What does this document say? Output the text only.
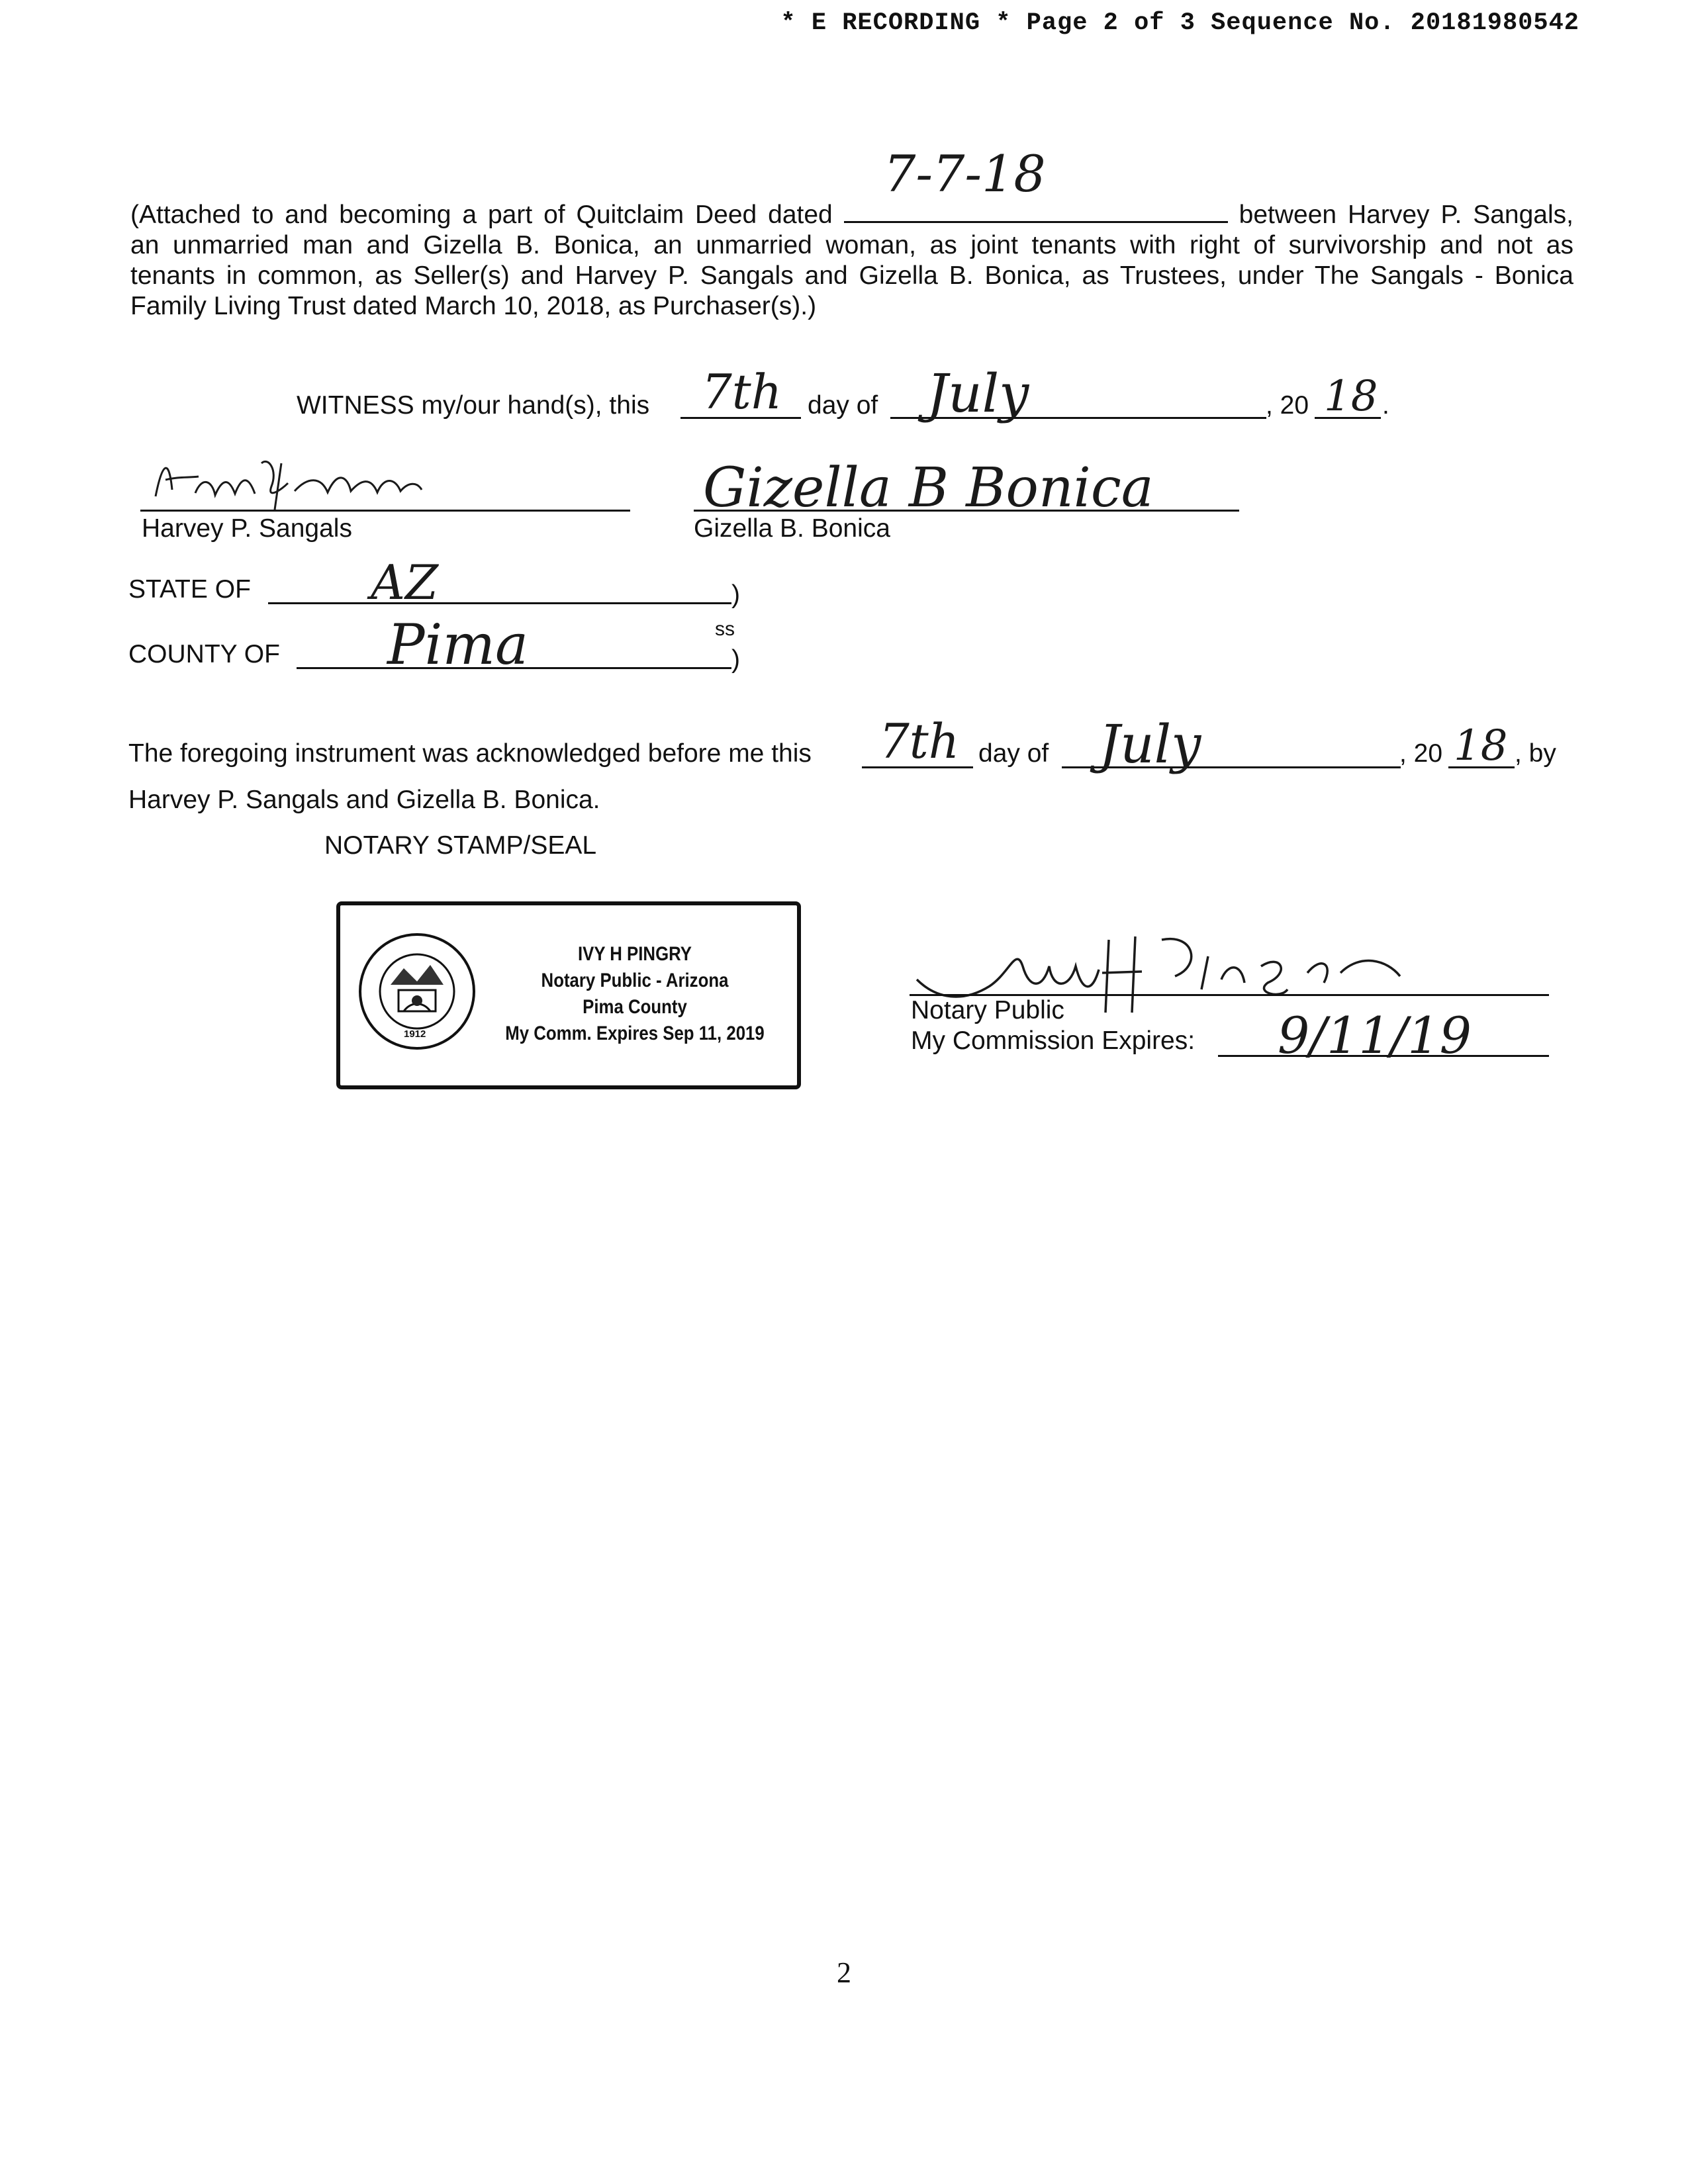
* E RECORDING * Page 2 of 3 Sequence No. 20181980542
(Attached to and becoming a part of Quitclaim Deed dated	between Harvey P. Sangals,
an unmarried man and Gizella B. Bonica, an unmarried woman, as joint tenants with right of survivorship and not as
tenants in common, as Seller(s) and Harvey P. Sangals and Gizella B. Bonica, as Trustees, under The Sangals - Bonica
Family Living Trust dated March 10, 2018, as Purchaser(s).)
7-7-18
WITNESS my/our hand(s), this 7th day of July	, 20 18 .
Harvey P. Sangals
Gizella B Bonica
Gizella B. Bonica
STATE OF	AZ	)
ss
COUNTY OF Pima	)
The foregoing instrument was acknowledged before me this 7th day of July	, 20 18 , by
Harvey P. Sangals and Gizella B. Bonica.
NOTARY STAMP/SEAL
1912
IVY H PINGRY
Notary Public - Arizona
Pima County
My Comm. Expires Sep 11, 2019
Notary Public
My Commission Expires: 9/11/19
2
